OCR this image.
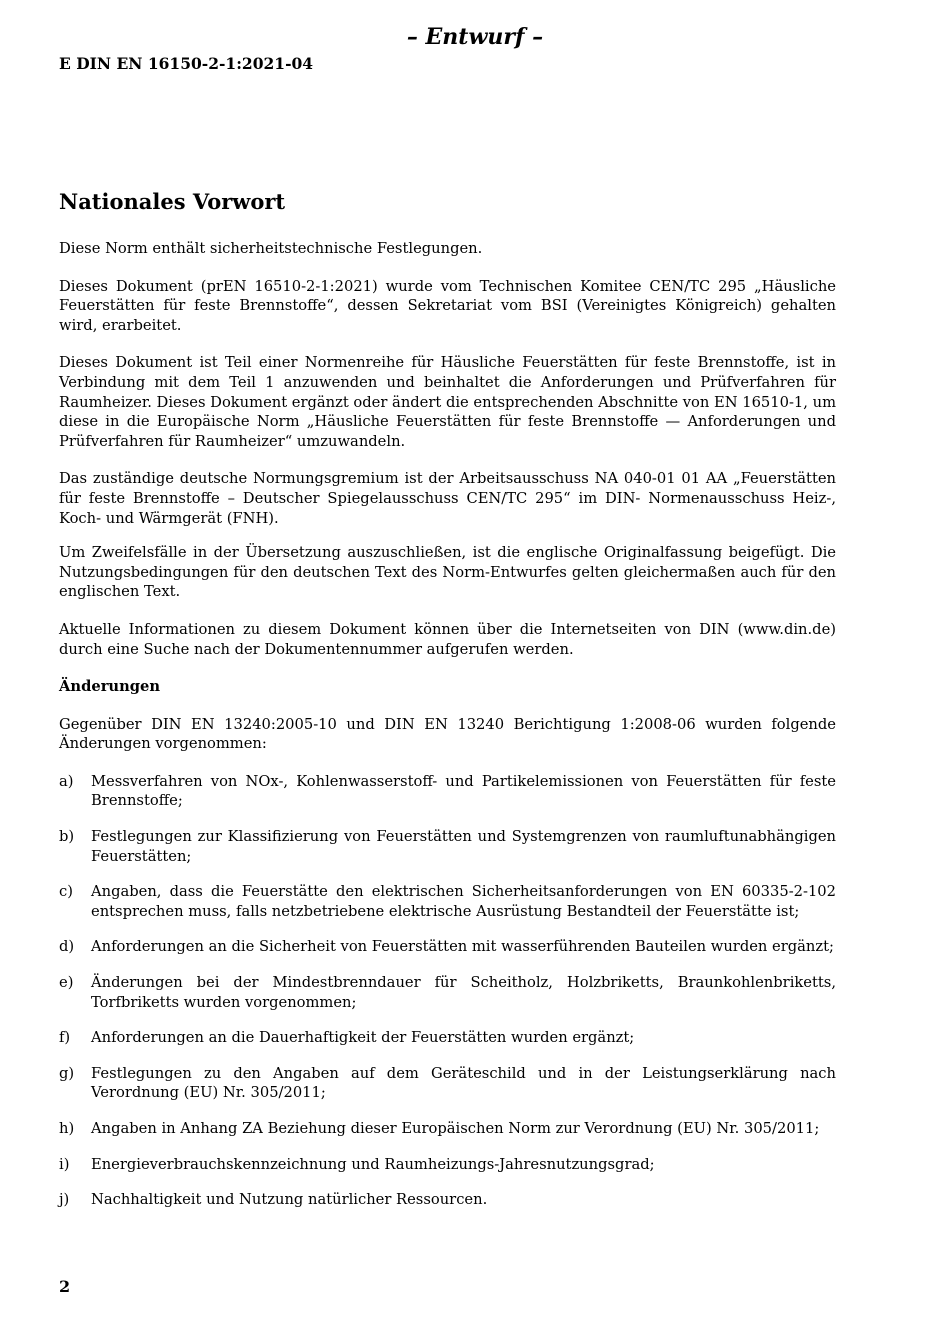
– Entwurf –

E DIN EN 16150-2-1:2021-04

Nationales Vorwort

Diese Norm enthält sicherheitstechnische Festlegungen.

Dieses Dokument (prEN 16510-2-1:2021) wurde vom Technischen Komitee CEN/TC 295 „Häusliche Feuerstätten für feste Brennstoffe“, dessen Sekretariat vom BSI (Vereinigtes Königreich) gehalten wird, erarbeitet.

Dieses Dokument ist Teil einer Normenreihe für Häusliche Feuerstätten für feste Brennstoffe, ist in Verbindung mit dem Teil 1 anzuwenden und beinhaltet die Anforderungen und Prüfverfahren für Raumheizer. Dieses Dokument ergänzt oder ändert die entsprechenden Abschnitte von EN 16510-1, um diese in die Europäische Norm „Häusliche Feuerstätten für feste Brennstoffe — Anforderungen und Prüfverfahren für Raumheizer“ umzuwandeln.

Das zuständige deutsche Normungsgremium ist der Arbeitsausschuss NA 040-01 01 AA „Feuerstätten für feste Brennstoffe – Deutscher Spiegelausschuss CEN/TC 295“ im DIN- Normenausschuss Heiz-, Koch- und Wärmgerät (FNH).

Um Zweifelsfälle in der Übersetzung auszuschließen, ist die englische Originalfassung beigefügt. Die Nutzungsbedingungen für den deutschen Text des Norm-Entwurfes gelten gleichermaßen auch für den englischen Text.

Aktuelle Informationen zu diesem Dokument können über die Internetseiten von DIN (www.din.de) durch eine Suche nach der Dokumentennummer aufgerufen werden.

Änderungen

Gegenüber DIN EN 13240:2005-10 und DIN EN 13240 Berichtigung 1:2008-06 wurden folgende Änderungen vorgenommen:

a) Messverfahren von NOx-, Kohlenwasserstoff- und Partikelemissionen von Feuerstätten für feste Brennstoffe;
b) Festlegungen zur Klassifizierung von Feuerstätten und Systemgrenzen von raumluftunabhängigen Feuerstätten;
c) Angaben, dass die Feuerstätte den elektrischen Sicherheitsanforderungen von EN 60335-2-102 entsprechen muss, falls netzbetriebene elektrische Ausrüstung Bestandteil der Feuerstätte ist;
d) Anforderungen an die Sicherheit von Feuerstätten mit wasserführenden Bauteilen wurden ergänzt;
e) Änderungen bei der Mindestbrenndauer für Scheitholz, Holzbriketts, Braunkohlenbriketts, Torfbriketts wurden vorgenommen;
f) Anforderungen an die Dauerhaftigkeit der Feuerstätten wurden ergänzt;
g) Festlegungen zu den Angaben auf dem Geräteschild und in der Leistungserklärung nach Verordnung (EU) Nr. 305/2011;
h) Angaben in Anhang ZA Beziehung dieser Europäischen Norm zur Verordnung (EU) Nr. 305/2011;
i) Energieverbrauchskennzeichnung und Raumheizungs-Jahresnutzungsgrad;
j) Nachhaltigkeit und Nutzung natürlicher Ressourcen.

2
